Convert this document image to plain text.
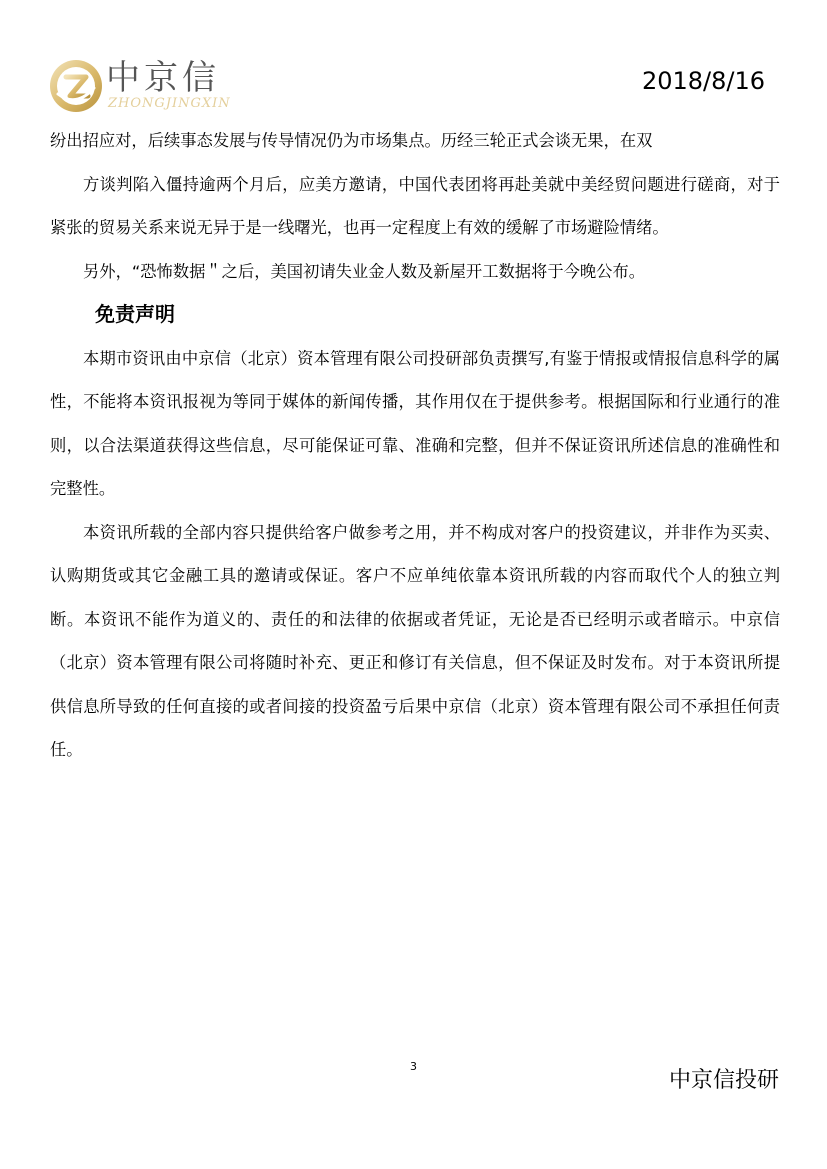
中京信
ZHONGJINGXIN
2018/8/16

纷出招应对，后续事态发展与传导情况仍为市场集点。历经三轮正式会谈无果，在双

方谈判陷入僵持逾两个月后，应美方邀请，中国代表团将再赴美就中美经贸问题进行磋商，对于紧张的贸易关系来说无异于是一线曙光，也再一定程度上有效的缓解了市场避险情绪。

另外，“恐怖数据＂之后，美国初请失业金人数及新屋开工数据将于今晚公布。

免责声明

本期市资讯由中京信（北京）资本管理有限公司投研部负责撰写,有鉴于情报或情报信息科学的属性，不能将本资讯报视为等同于媒体的新闻传播，其作用仅在于提供参考。根据国际和行业通行的准则，以合法渠道获得这些信息，尽可能保证可靠、准确和完整，但并不保证资讯所述信息的准确性和完整性。

本资讯所载的全部内容只提供给客户做参考之用，并不构成对客户的投资建议，并非作为买卖、认购期货或其它金融工具的邀请或保证。客户不应单纯依靠本资讯所载的内容而取代个人的独立判断。本资讯不能作为道义的、责任的和法律的依据或者凭证，无论是否已经明示或者暗示。中京信（北京）资本管理有限公司将随时补充、更正和修订有关信息，但不保证及时发布。对于本资讯所提供信息所导致的任何直接的或者间接的投资盈亏后果中京信（北京）资本管理有限公司不承担任何责任。

3
中京信投研
